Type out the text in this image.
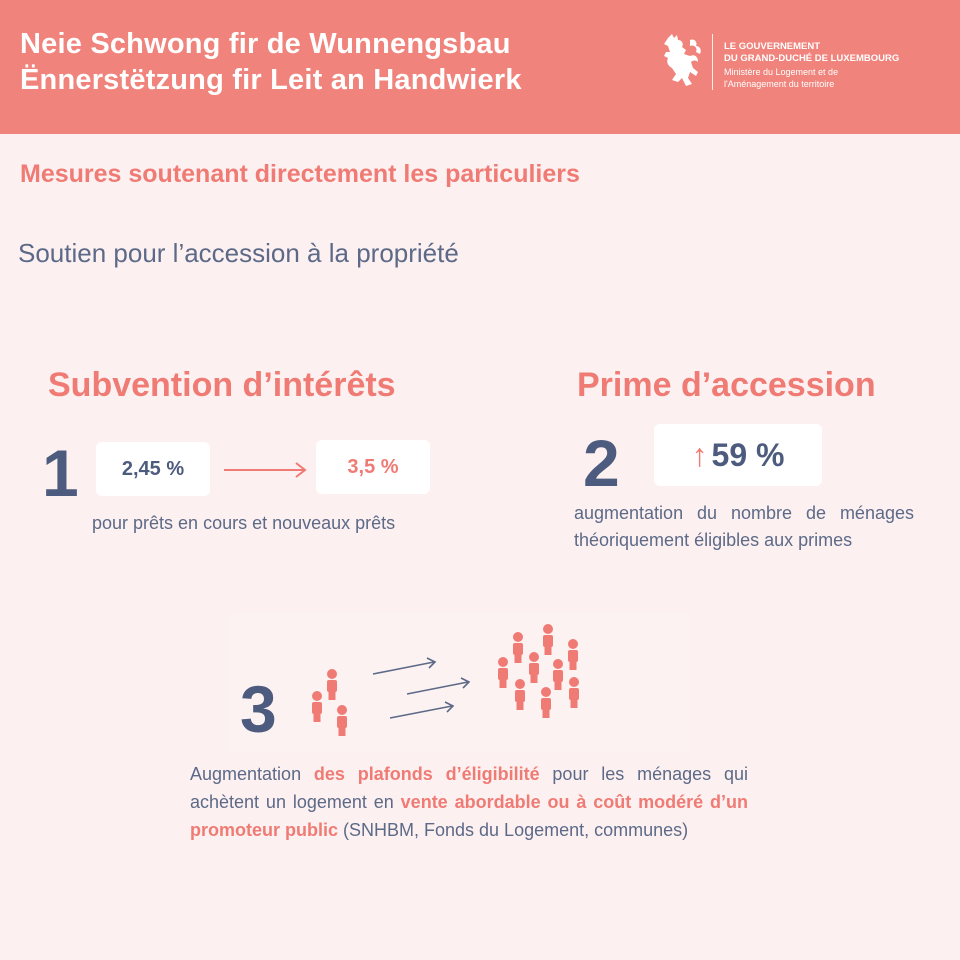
Neie Schwong fir de Wunnengsbau
Ënnerstëtzung fir Leit an Handwierk
LE GOUVERNEMENT
DU GRAND-DUCHÉ DE LUXEMBOURG
Ministère du Logement et de
l'Aménagement du territoire
Mesures soutenant directement les particuliers
Soutien pour l’accession à la propriété
Subvention d’intérêts
1	2,45 %	3,5 %
pour prêts en cours et nouveaux prêts
Prime d’accession
2 ↑ 59 %
augmentation du nombre de ménages
théoriquement éligibles aux primes
3
Augmentation des plafonds d’éligibilité pour les ménages qui achètent un logement en vente abordable ou à coût modéré d’un promoteur public (SNHBM, Fonds du Logement, communes)
